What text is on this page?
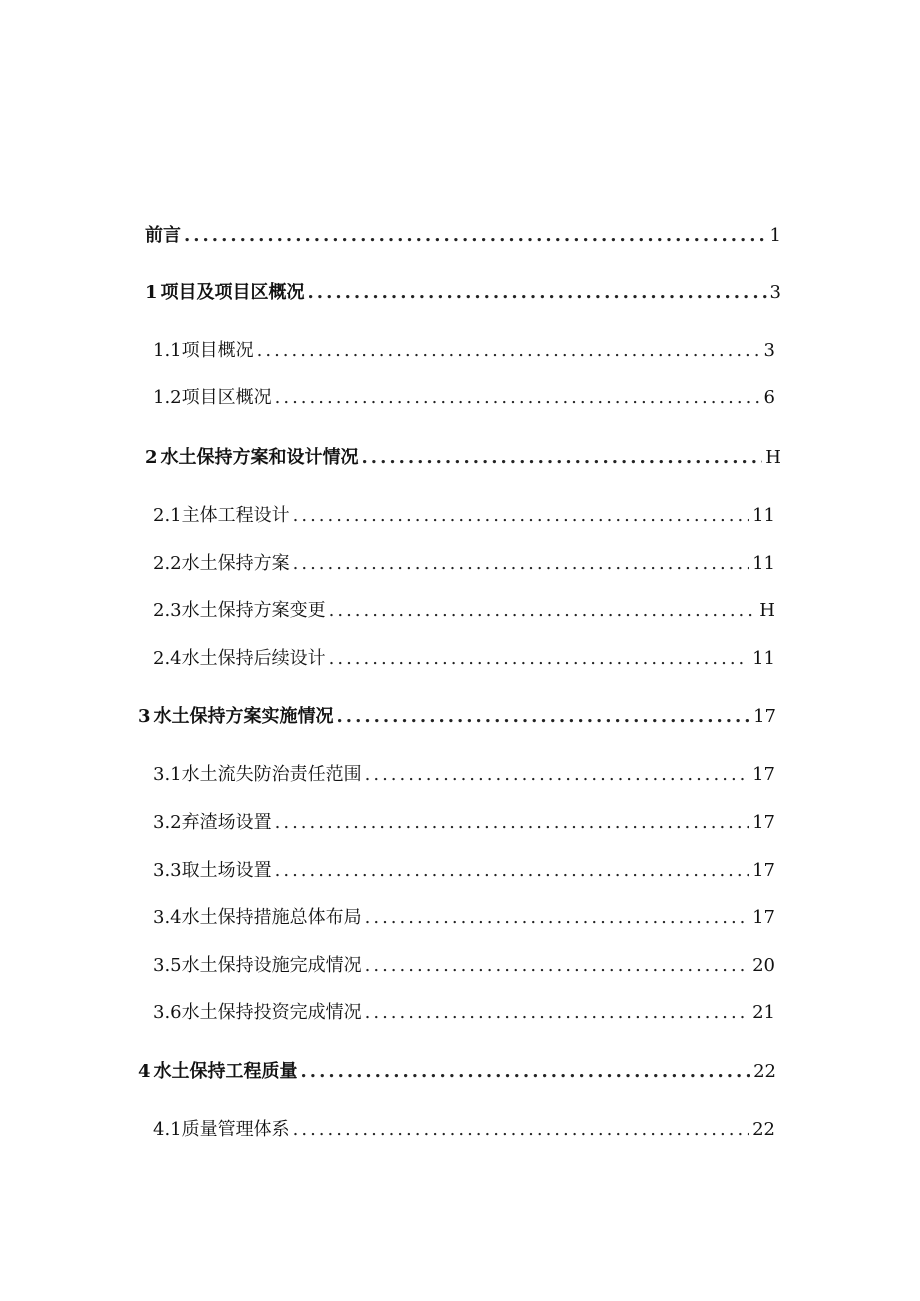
前言 .....	1
1 项目及项目区概况 .....	3
1.1 项目概况 .....	3
1.2 项目区概况 .....	6
2 水土保持方案和设计情况 .....	H
2.1 主体工程设计 .....	11
2.2 水土保持方案 .....	11
2.3 水土保持方案变更 .....	H
2.4 水土保持后续设计 .....	11
3 水土保持方案实施情况 .....	17
3.1 水土流失防治责任范围 .....	17
3.2 弃渣场设置 .....	17
3.3 取土场设置 .....	17
3.4 水土保持措施总体布局 .....	17
3.5 水土保持设施完成情况 .....	20
3.6 水土保持投资完成情况 .....	21
4 水土保持工程质量 .....	22
4.1 质量管理体系 .....	22
